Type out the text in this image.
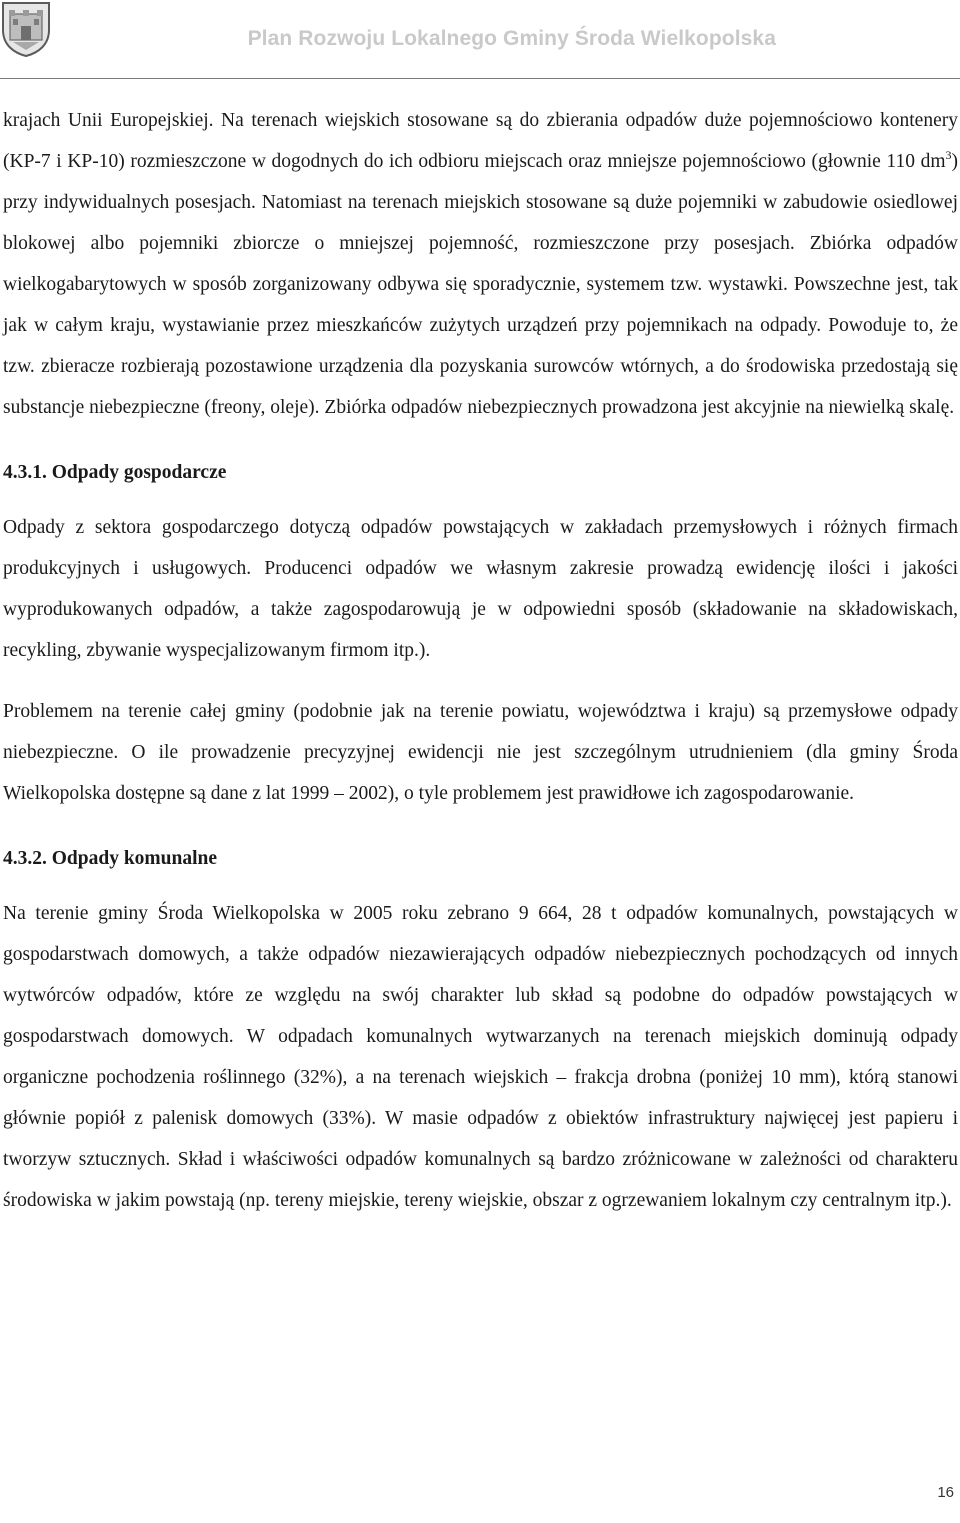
Plan Rozwoju Lokalnego Gminy Środa Wielkopolska

krajach Unii Europejskiej. Na terenach wiejskich stosowane są do zbierania odpadów duże pojemnościowo kontenery (KP-7 i KP-10) rozmieszczone w dogodnych do ich odbioru miejscach oraz mniejsze pojemnościowo (głownie 110 $dm^3$) przy indywidualnych posesjach. Natomiast na terenach miejskich stosowane są duże pojemniki w zabudowie osiedlowej blokowej albo pojemniki zbiorcze o mniejszej pojemność, rozmieszczone przy posesjach. Zbiórka odpadów wielkogabarytowych w sposób zorganizowany odbywa się sporadycznie, systemem tzw. wystawki. Powszechne jest, tak jak w całym kraju, wystawianie przez mieszkańców zużytych urządzeń przy pojemnikach na odpady. Powoduje to, że tzw. zbieracze rozbierają pozostawione urządzenia dla pozyskania surowców wtórnych, a do środowiska przedostają się substancje niebezpieczne (freony, oleje). Zbiórka odpadów niebezpiecznych prowadzona jest akcyjnie na niewielką skalę.

4.3.1. Odpady gospodarcze

Odpady z sektora gospodarczego dotyczą odpadów powstających w zakładach przemysłowych i różnych firmach produkcyjnych i usługowych. Producenci odpadów we własnym zakresie prowadzą ewidencję ilości i jakości wyprodukowanych odpadów, a także zagospodarowują je w odpowiedni sposób (składowanie na składowiskach, recykling, zbywanie wyspecjalizowanym firmom itp.).

Problemem na terenie całej gminy (podobnie jak na terenie powiatu, województwa i kraju) są przemysłowe odpady niebezpieczne. O ile prowadzenie precyzyjnej ewidencji nie jest szczególnym utrudnieniem (dla gminy Środa Wielkopolska dostępne są dane z lat 1999 – 2002), o tyle problemem jest prawidłowe ich zagospodarowanie.

4.3.2. Odpady komunalne

Na terenie gminy Środa Wielkopolska w 2005 roku zebrano 9 664, 28 t odpadów komunalnych, powstających w gospodarstwach domowych, a także odpadów niezawierających odpadów niebezpiecznych pochodzących od innych wytwórców odpadów, które ze względu na swój charakter lub skład są podobne do odpadów powstających w gospodarstwach domowych. W odpadach komunalnych wytwarzanych na terenach miejskich dominują odpady organiczne pochodzenia roślinnego (32%), a na terenach wiejskich – frakcja drobna (poniżej 10 mm), którą stanowi głównie popiół z palenisk domowych (33%). W masie odpadów z obiektów infrastruktury najwięcej jest papieru i tworzyw sztucznych. Skład i właściwości odpadów komunalnych są bardzo zróżnicowane w zależności od charakteru środowiska w jakim powstają (np. tereny miejskie, tereny wiejskie, obszar z ogrzewaniem lokalnym czy centralnym itp.).

16
